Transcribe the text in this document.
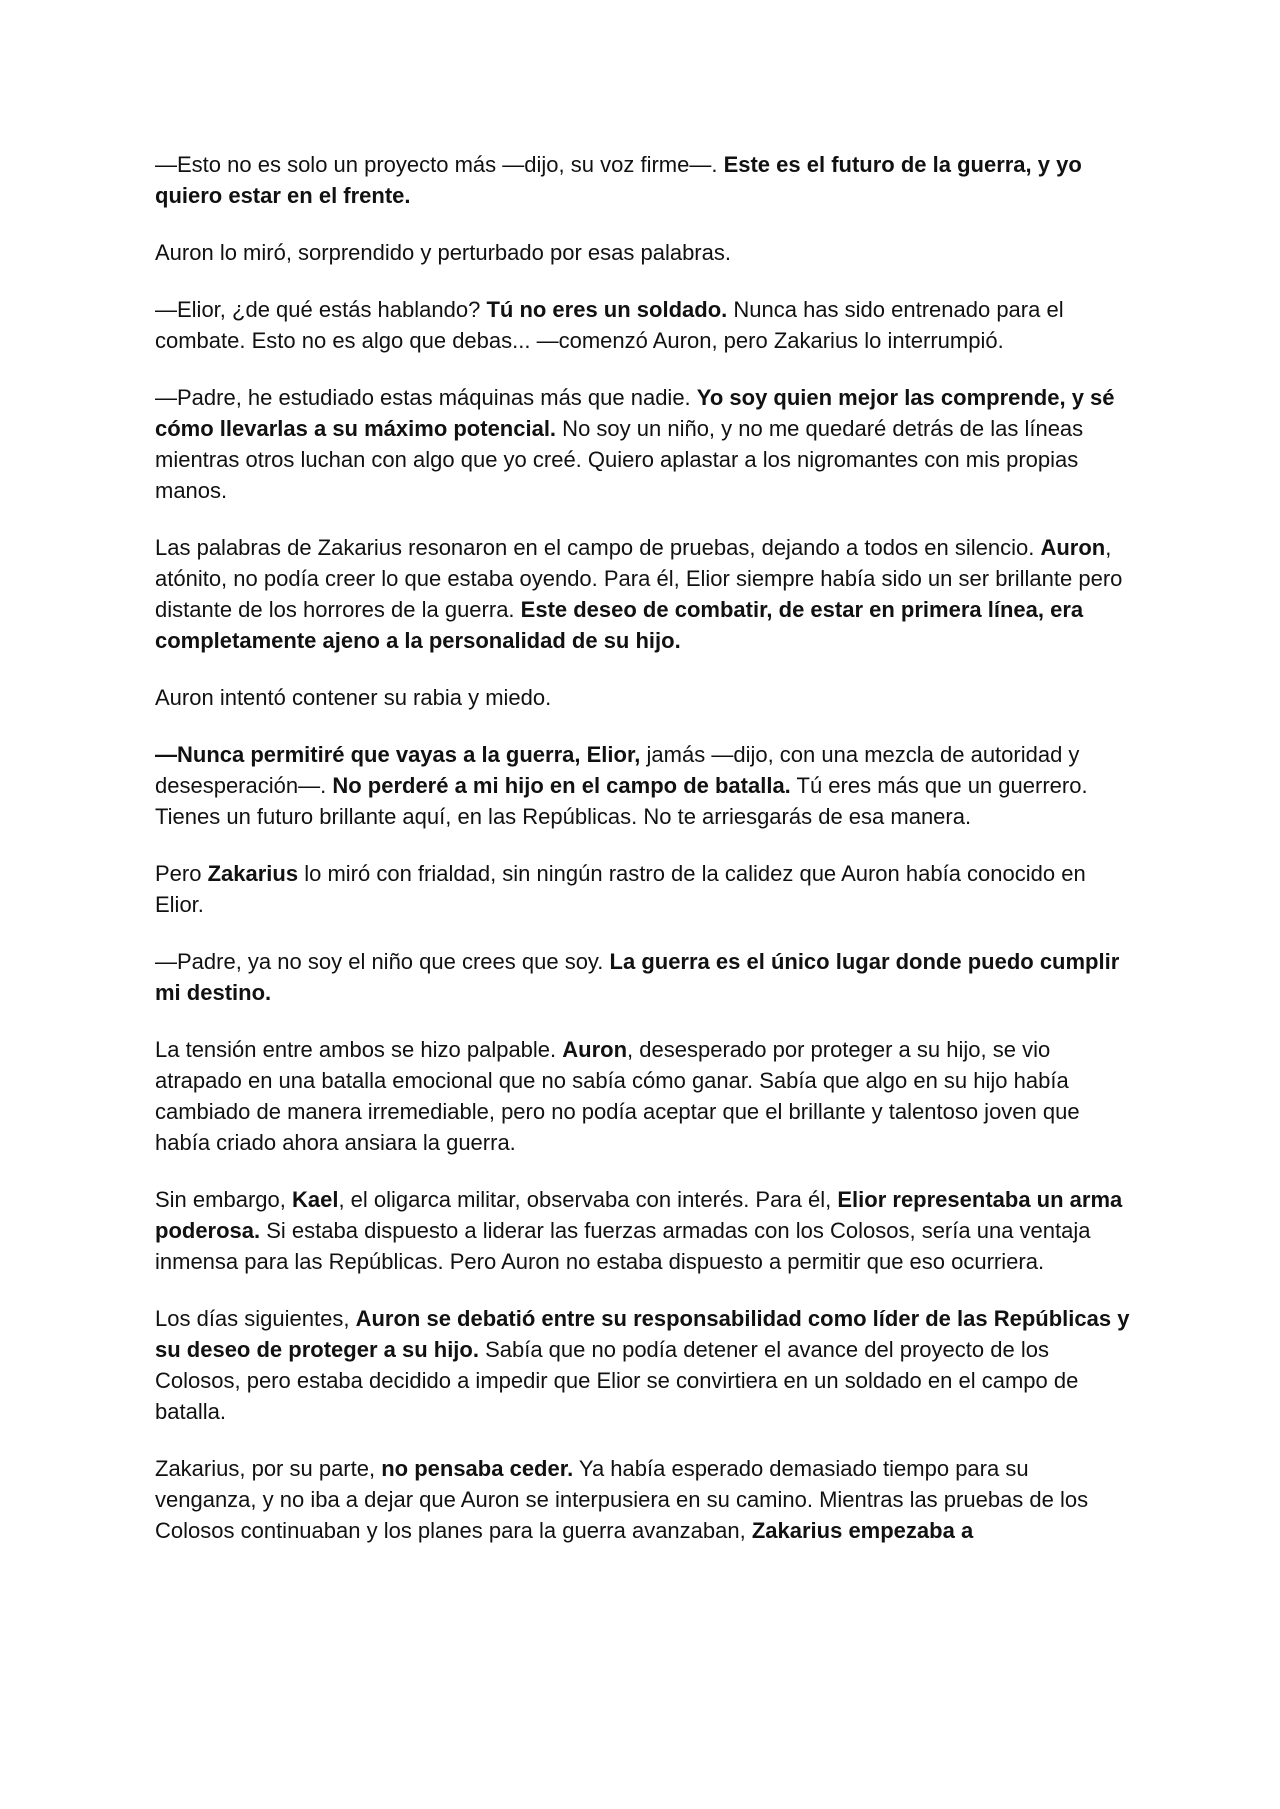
—Esto no es solo un proyecto más —dijo, su voz firme—. Este es el futuro de la guerra, y yo quiero estar en el frente.

Auron lo miró, sorprendido y perturbado por esas palabras.

—Elior, ¿de qué estás hablando? Tú no eres un soldado. Nunca has sido entrenado para el combate. Esto no es algo que debas... —comenzó Auron, pero Zakarius lo interrumpió.

—Padre, he estudiado estas máquinas más que nadie. Yo soy quien mejor las comprende, y sé cómo llevarlas a su máximo potencial. No soy un niño, y no me quedaré detrás de las líneas mientras otros luchan con algo que yo creé. Quiero aplastar a los nigromantes con mis propias manos.

Las palabras de Zakarius resonaron en el campo de pruebas, dejando a todos en silencio. Auron, atónito, no podía creer lo que estaba oyendo. Para él, Elior siempre había sido un ser brillante pero distante de los horrores de la guerra. Este deseo de combatir, de estar en primera línea, era completamente ajeno a la personalidad de su hijo.

Auron intentó contener su rabia y miedo.

—Nunca permitiré que vayas a la guerra, Elior, jamás —dijo, con una mezcla de autoridad y desesperación—. No perderé a mi hijo en el campo de batalla. Tú eres más que un guerrero. Tienes un futuro brillante aquí, en las Repúblicas. No te arriesgarás de esa manera.

Pero Zakarius lo miró con frialdad, sin ningún rastro de la calidez que Auron había conocido en Elior.

—Padre, ya no soy el niño que crees que soy. La guerra es el único lugar donde puedo cumplir mi destino.

La tensión entre ambos se hizo palpable. Auron, desesperado por proteger a su hijo, se vio atrapado en una batalla emocional que no sabía cómo ganar. Sabía que algo en su hijo había cambiado de manera irremediable, pero no podía aceptar que el brillante y talentoso joven que había criado ahora ansiara la guerra.

Sin embargo, Kael, el oligarca militar, observaba con interés. Para él, Elior representaba un arma poderosa. Si estaba dispuesto a liderar las fuerzas armadas con los Colosos, sería una ventaja inmensa para las Repúblicas. Pero Auron no estaba dispuesto a permitir que eso ocurriera.

Los días siguientes, Auron se debatió entre su responsabilidad como líder de las Repúblicas y su deseo de proteger a su hijo. Sabía que no podía detener el avance del proyecto de los Colosos, pero estaba decidido a impedir que Elior se convirtiera en un soldado en el campo de batalla.

Zakarius, por su parte, no pensaba ceder. Ya había esperado demasiado tiempo para su venganza, y no iba a dejar que Auron se interpusiera en su camino. Mientras las pruebas de los Colosos continuaban y los planes para la guerra avanzaban, Zakarius empezaba a
